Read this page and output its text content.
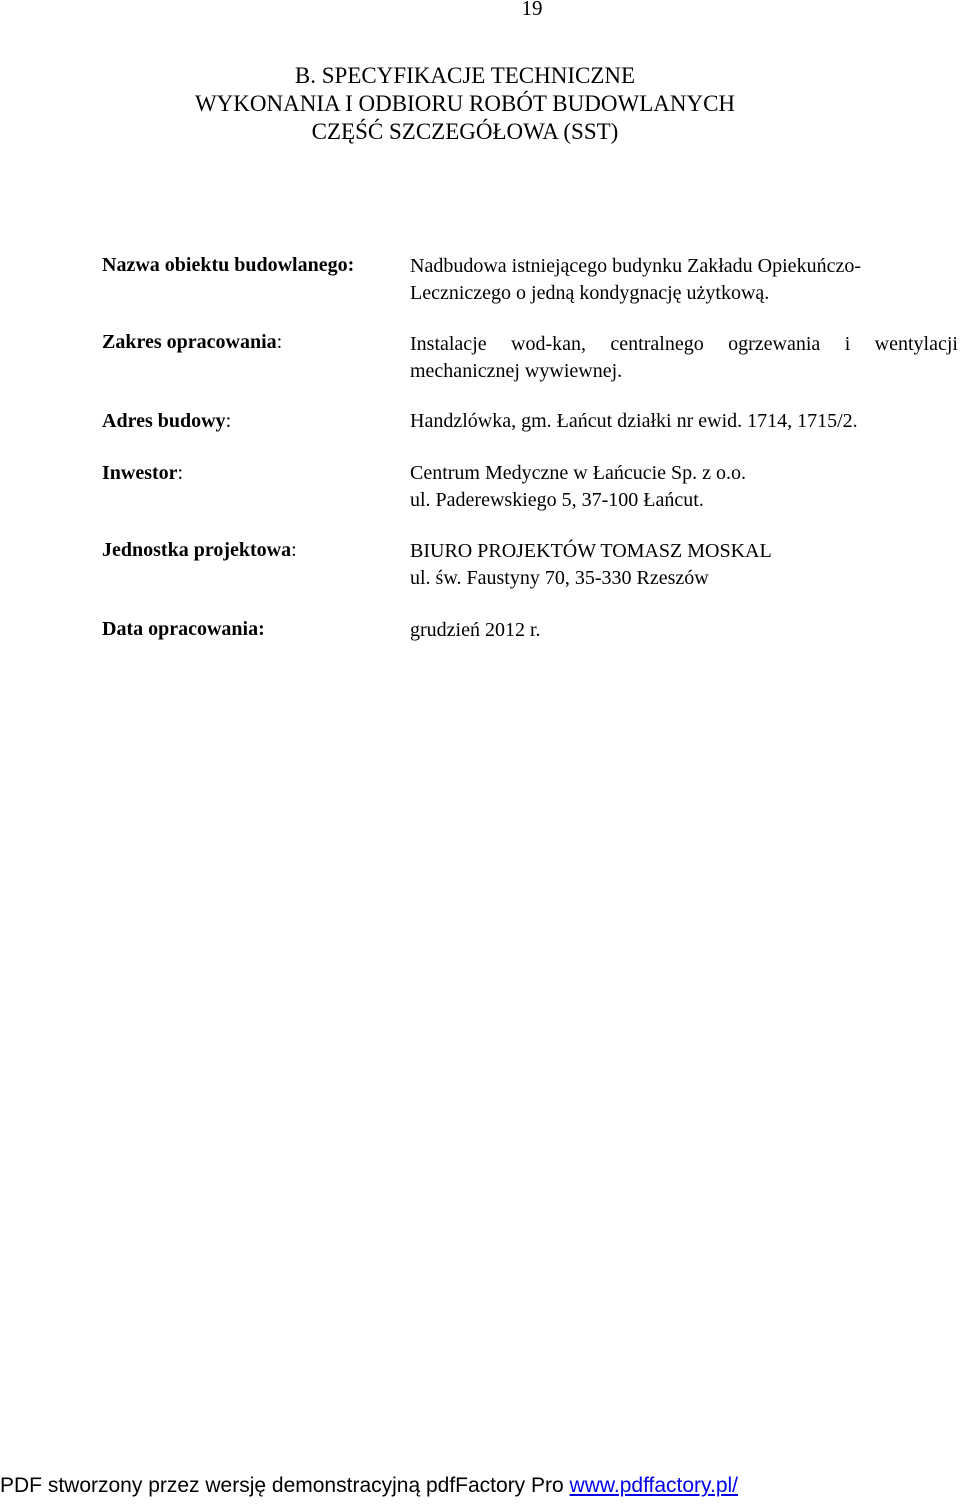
19
B. SPECYFIKACJE TECHNICZNE
WYKONANIA I ODBIORU ROBÓT BUDOWLANYCH
CZĘŚĆ SZCZEGÓŁOWA (SST)
Nazwa obiektu budowlanego:	Nadbudowa istniejącego budynku Zakładu Opiekuńczo-
Leczniczego o jedną kondygnację użytkową.
Zakres opracowania:	Instalacje wod-kan, centralnego ogrzewania i wentylacji
mechanicznej wywiewnej.
Adres budowy:	Handzlówka, gm. Łańcut działki nr ewid. 1714, 1715/2.
Inwestor:	Centrum Medyczne w Łańcucie Sp. z o.o.
ul. Paderewskiego 5, 37-100 Łańcut.
Jednostka projektowa:	BIURO PROJEKTÓW TOMASZ MOSKAL
ul. św. Faustyny 70, 35-330 Rzeszów
Data opracowania:	grudzień 2012 r.
PDF stworzony przez wersję demonstracyjną pdfFactory Pro www.pdffactory.pl/
